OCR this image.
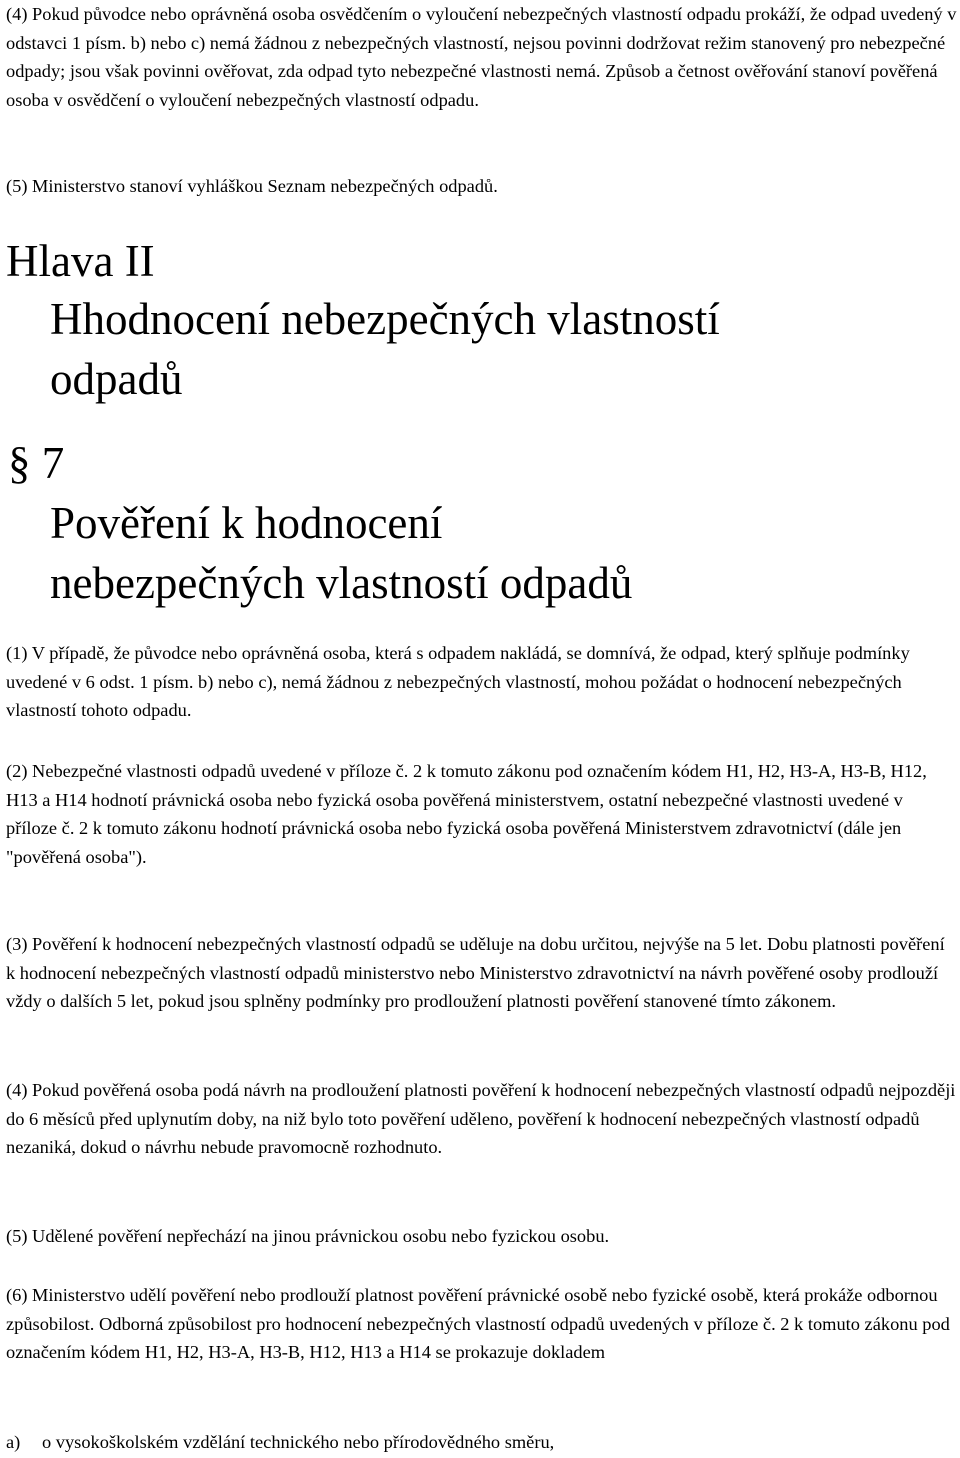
(4) Pokud původce nebo oprávněná osoba osvědčením o vyloučení nebezpečných vlastností odpadu prokáží, že odpad uvedený v odstavci 1 písm. b) nebo c) nemá žádnou z nebezpečných vlastností, nejsou povinni dodržovat režim stanovený pro nebezpečné odpady; jsou však povinni ověřovat, zda odpad tyto nebezpečné vlastnosti nemá. Způsob a četnost ověřování stanoví pověřená osoba v osvědčení o vyloučení nebezpečných vlastností odpadu.

(5) Ministerstvo stanoví vyhláškou Seznam nebezpečných odpadů.

Hlava II
Hhodnocení nebezpečných vlastností
odpadů
§ 7
Pověření k hodnocení
nebezpečných vlastností odpadů

(1) V případě, že původce nebo oprávněná osoba, která s odpadem nakládá, se domnívá, že odpad, který splňuje podmínky uvedené v 6 odst. 1 písm. b) nebo c), nemá žádnou z nebezpečných vlastností, mohou požádat o hodnocení nebezpečných vlastností tohoto odpadu.

(2) Nebezpečné vlastnosti odpadů uvedené v příloze č. 2 k tomuto zákonu pod označením kódem H1, H2, H3-A, H3-B, H12, H13 a H14 hodnotí právnická osoba nebo fyzická osoba pověřená ministerstvem, ostatní nebezpečné vlastnosti uvedené v příloze č. 2 k tomuto zákonu hodnotí právnická osoba nebo fyzická osoba pověřená Ministerstvem zdravotnictví (dále jen "pověřená osoba").

(3) Pověření k hodnocení nebezpečných vlastností odpadů se uděluje na dobu určitou, nejvýše na 5 let. Dobu platnosti pověření k hodnocení nebezpečných vlastností odpadů ministerstvo nebo Ministerstvo zdravotnictví na návrh pověřené osoby prodlouží vždy o dalších 5 let, pokud jsou splněny podmínky pro prodloužení platnosti pověření stanovené tímto zákonem.

(4) Pokud pověřená osoba podá návrh na prodloužení platnosti pověření k hodnocení nebezpečných vlastností odpadů nejpozději do 6 měsíců před uplynutím doby, na niž bylo toto pověření uděleno, pověření k hodnocení nebezpečných vlastností odpadů nezaniká, dokud o návrhu nebude pravomocně rozhodnuto.

(5) Udělené pověření nepřechází na jinou právnickou osobu nebo fyzickou osobu.

(6) Ministerstvo udělí pověření nebo prodlouží platnost pověření právnické osobě nebo fyzické osobě, která prokáže odbornou způsobilost. Odborná způsobilost pro hodnocení nebezpečných vlastností odpadů uvedených v příloze č. 2 k tomuto zákonu pod označením kódem H1, H2, H3-A, H3-B, H12, H13 a H14 se prokazuje dokladem

a)	o vysokoškolském vzdělání technického nebo přírodovědného směru,
